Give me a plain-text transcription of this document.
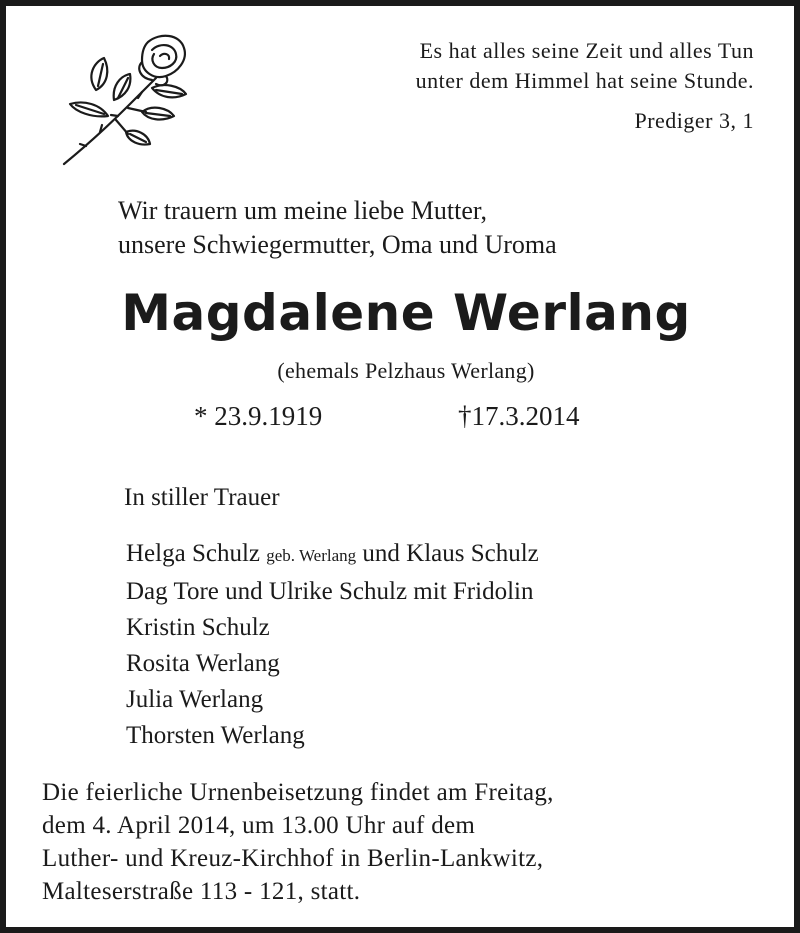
Es hat alles seine Zeit und alles Tun
unter dem Himmel hat seine Stunde.
Prediger 3, 1
Wir trauern um meine liebe Mutter,
unsere Schwiegermutter, Oma und Uroma
Magdalene Werlang
(ehemals Pelzhaus Werlang)
* 23.9.1919	†17.3.2014
In stiller Trauer
Helga Schulz geb. Werlang und Klaus Schulz
Dag Tore und Ulrike Schulz mit Fridolin
Kristin Schulz
Rosita Werlang
Julia Werlang
Thorsten Werlang
Die feierliche Urnenbeisetzung findet am Freitag,
dem 4. April 2014, um 13.00 Uhr auf dem
Luther- und Kreuz-Kirchhof in Berlin-Lankwitz,
Malteserstraße 113 - 121, statt.
